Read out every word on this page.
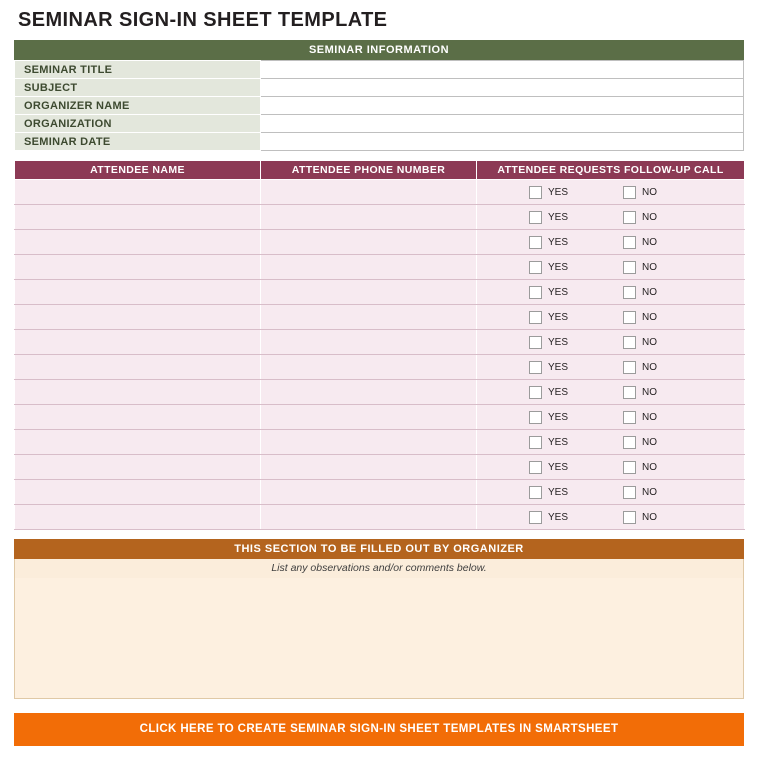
SEMINAR SIGN-IN SHEET TEMPLATE
SEMINAR INFORMATION
SEMINAR TITLE	
SUBJECT	
ORGANIZER NAME	
ORGANIZATION	
SEMINAR DATE	
ATTENDEE NAME	ATTENDEE PHONE NUMBER	ATTENDEE REQUESTS FOLLOW-UP CALL

		YES NO

		YES NO

		YES NO

		YES NO

		YES NO

		YES NO

		YES NO

		YES NO

		YES NO

		YES NO

		YES NO

		YES NO

		YES NO

		YES NO
THIS SECTION TO BE FILLED OUT BY ORGANIZER
List any observations and/or comments below.
CLICK HERE TO CREATE SEMINAR SIGN-IN SHEET TEMPLATES IN SMARTSHEET
